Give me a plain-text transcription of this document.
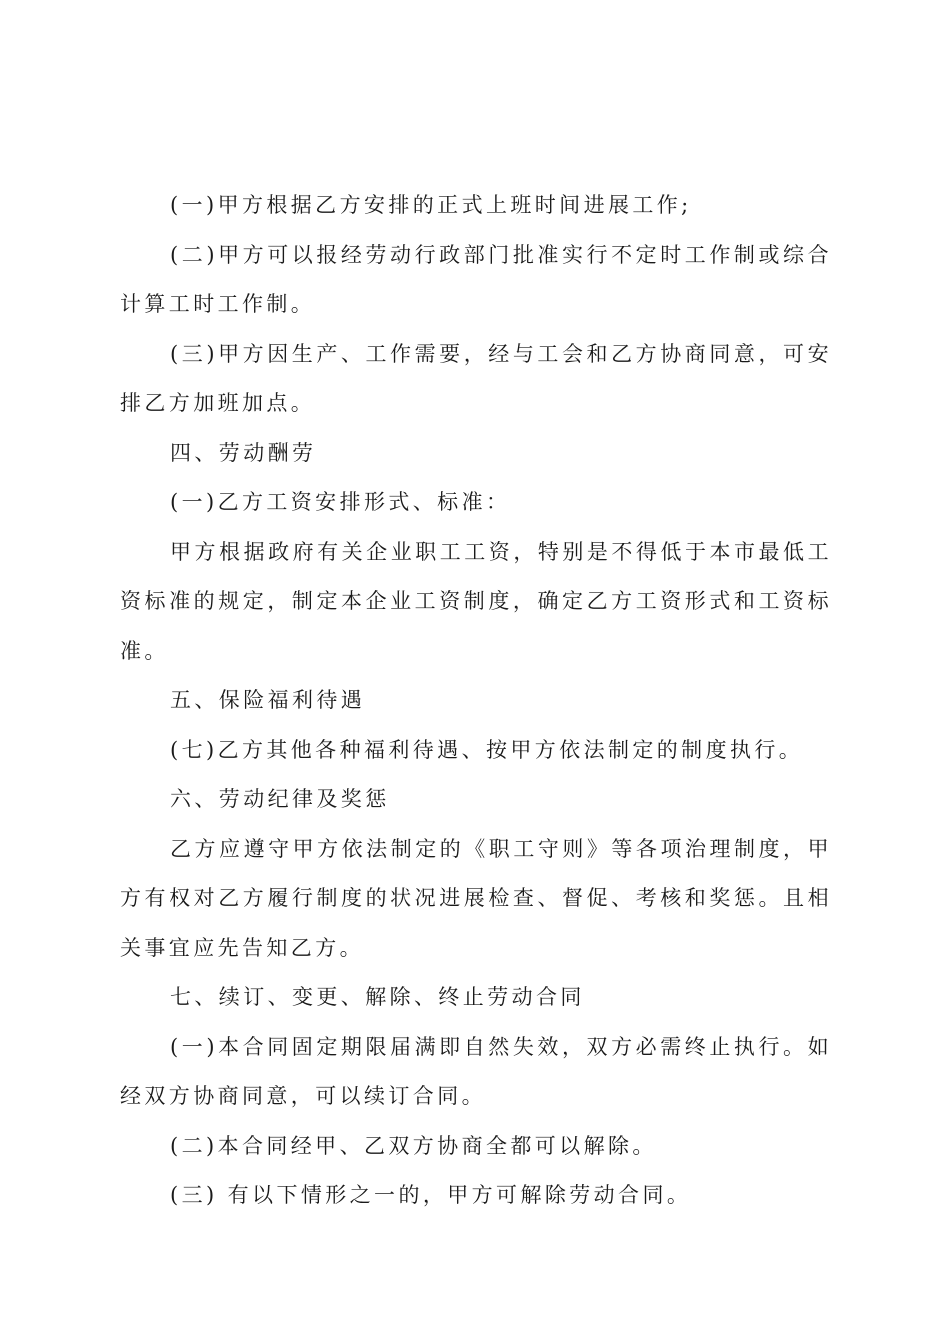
(一)甲方根据乙方安排的正式上班时间进展工作;

(二)甲方可以报经劳动行政部门批准实行不定时工作制或综合计算工时工作制。

(三)甲方因生产、工作需要，经与工会和乙方协商同意，可安排乙方加班加点。

四、劳动酬劳

(一)乙方工资安排形式、标准：

甲方根据政府有关企业职工工资，特别是不得低于本市最低工资标准的规定，制定本企业工资制度，确定乙方工资形式和工资标准。

五、保险福利待遇

(七)乙方其他各种福利待遇、按甲方依法制定的制度执行。

六、劳动纪律及奖惩

乙方应遵守甲方依法制定的《职工守则》等各项治理制度，甲方有权对乙方履行制度的状况进展检查、督促、考核和奖惩。且相关事宜应先告知乙方。

七、续订、变更、解除、终止劳动合同

(一)本合同固定期限届满即自然失效，双方必需终止执行。如经双方协商同意，可以续订合同。

(二)本合同经甲、乙双方协商全都可以解除。

(三) 有以下情形之一的，甲方可解除劳动合同。
